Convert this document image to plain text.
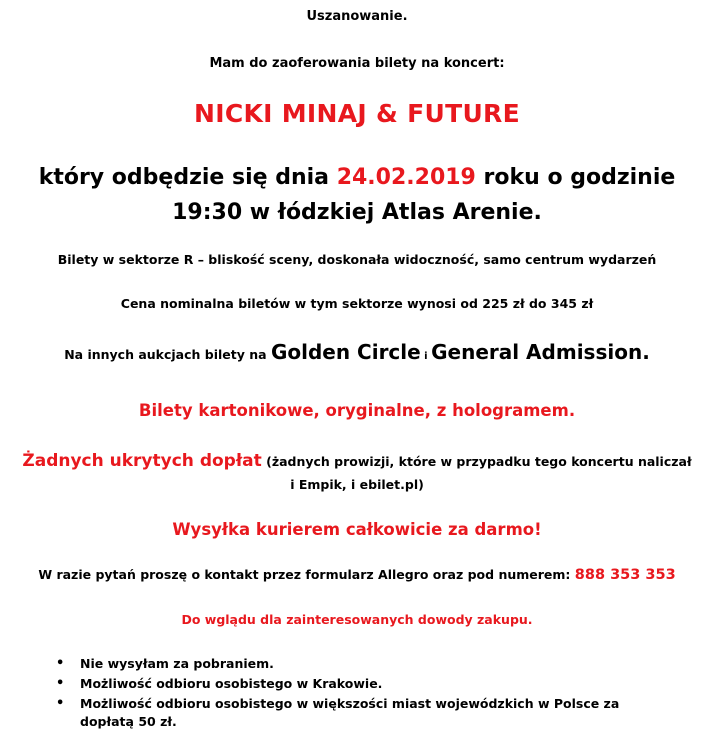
Uszanowanie.
Mam do zaoferowania bilety na koncert:
NICKI MINAJ & FUTURE
który odbędzie się dnia 24.02.2019 roku o godzinie
19:30 w łódzkiej Atlas Arenie.
Bilety w sektorze R – bliskość sceny, doskonała widoczność, samo centrum wydarzeń
Cena nominalna biletów w tym sektorze wynosi od 225 zł do 345 zł
Na innych aukcjach bilety na Golden Circle i General Admission.
Bilety kartonikowe, oryginalne, z hologramem.
Żadnych ukrytych dopłat (żadnych prowizji, które w przypadku tego koncertu naliczał i Empik, i ebilet.pl)
Wysyłka kurierem całkowicie za darmo!
W razie pytań proszę o kontakt przez formularz Allegro oraz pod numerem: 888 353 353
Do wglądu dla zainteresowanych dowody zakupu.
• Nie wysyłam za pobraniem.
• Możliwość odbioru osobistego w Krakowie.
• Możliwość odbioru osobistego w większości miast wojewódzkich w Polsce za dopłatą 50 zł.
